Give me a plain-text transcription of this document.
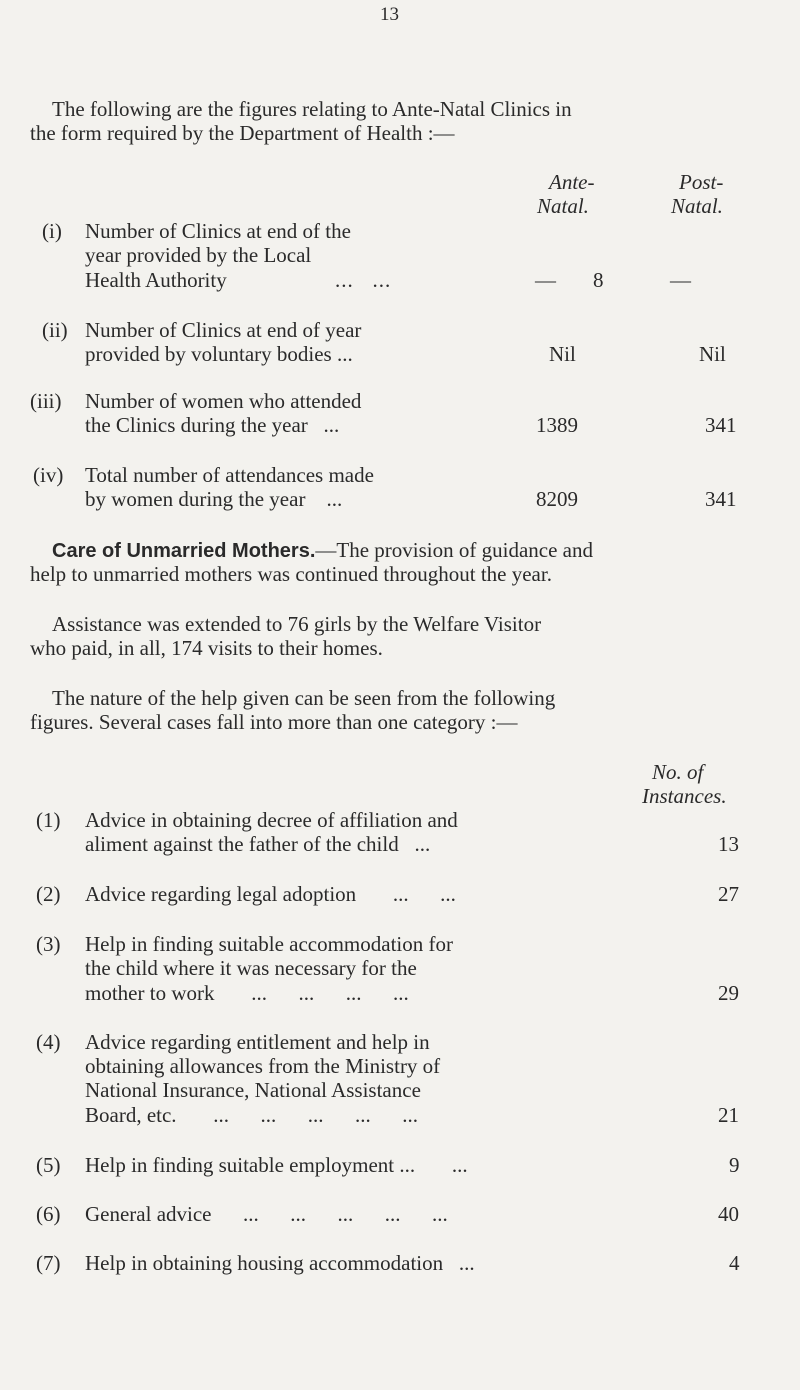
13
The following are the figures relating to Ante-Natal Clinics in
the form required by the Department of Health :—
Ante-
Natal.
Post-
Natal.
(i) Number of Clinics at end of the
year provided by the Local
Health Authority	...   ...	— 8	—
(ii) Number of Clinics at end of year
provided by voluntary bodies ...	Nil	Nil
(iii) Number of women who attended
the Clinics during the year   ...	1389	341
(iv) Total number of attendances made
by women during the year    ...	8209	341
Care of Unmarried Mothers.—The provision of guidance and
help to unmarried mothers was continued throughout the year.
Assistance was extended to 76 girls by the Welfare Visitor
who paid, in all, 174 visits to their homes.
The nature of the help given can be seen from the following
figures. Several cases fall into more than one category :—
No. of
Instances.
(1) Advice in obtaining decree of affiliation and
aliment against the father of the child   ...	13
(2) Advice regarding legal adoption       ...      ...	27
(3) Help in finding suitable accommodation for
the child where it was necessary for the
mother to work       ...      ...      ...      ...	29
(4) Advice regarding entitlement and help in
obtaining allowances from the Ministry of
National Insurance, National Assistance
Board, etc.       ...      ...      ...      ...      ...	21
(5) Help in finding suitable employment ...       ...	9
(6) General advice      ...      ...      ...      ...      ...	40
(7) Help in obtaining housing accommodation   ...	4
